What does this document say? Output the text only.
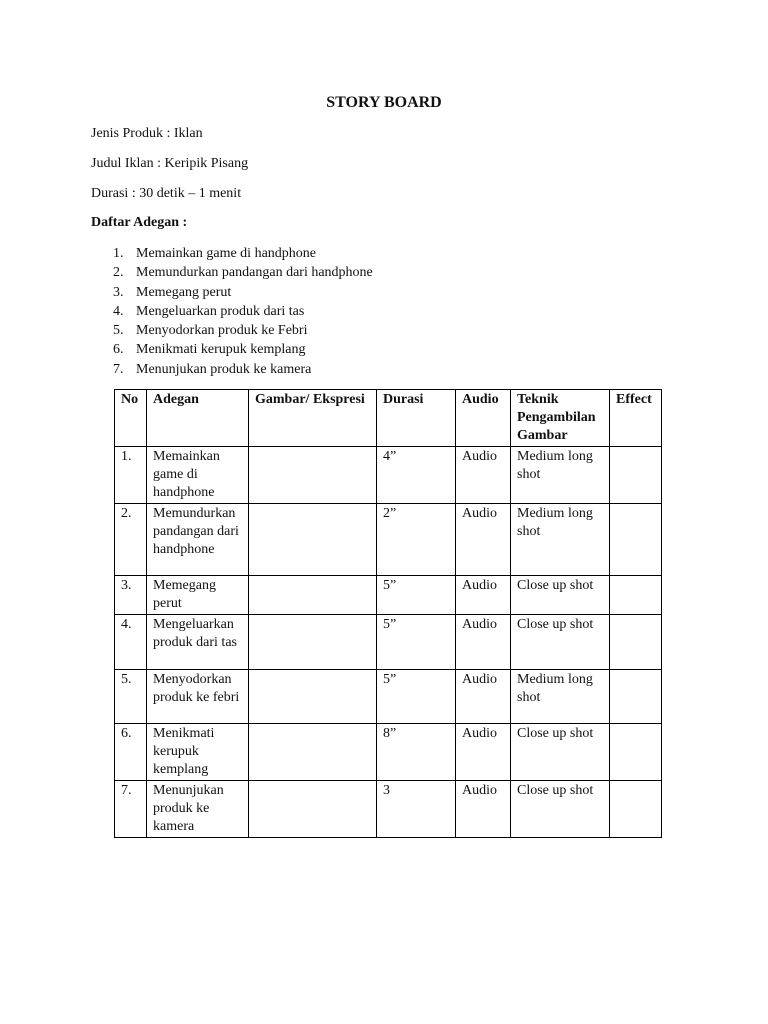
STORY BOARD
Jenis Produk : Iklan
Judul Iklan : Keripik Pisang
Durasi : 30 detik – 1 menit
Daftar Adegan :
1. Memainkan game di handphone
2. Memundurkan pandangan dari handphone
3. Memegang perut
4. Mengeluarkan produk dari tas
5. Menyodorkan produk ke Febri
6. Menikmati kerupuk kemplang
7. Menunjukan produk ke kamera
No	Adegan	Gambar/ Ekspresi	Durasi	Audio	Teknik Pengambilan Gambar	Effect
1.	Memainkan game di handphone		4”	Audio	Medium long shot	
2.	Memundurkan pandangan dari handphone		2”	Audio	Medium long shot	
3.	Memegang perut		5”	Audio	Close up shot	
4.	Mengeluarkan produk dari tas		5”	Audio	Close up shot	
5.	Menyodorkan produk ke febri		5”	Audio	Medium long shot	
6.	Menikmati kerupuk kemplang		8”	Audio	Close up shot	
7.	Menunjukan produk ke kamera		3	Audio	Close up shot	
